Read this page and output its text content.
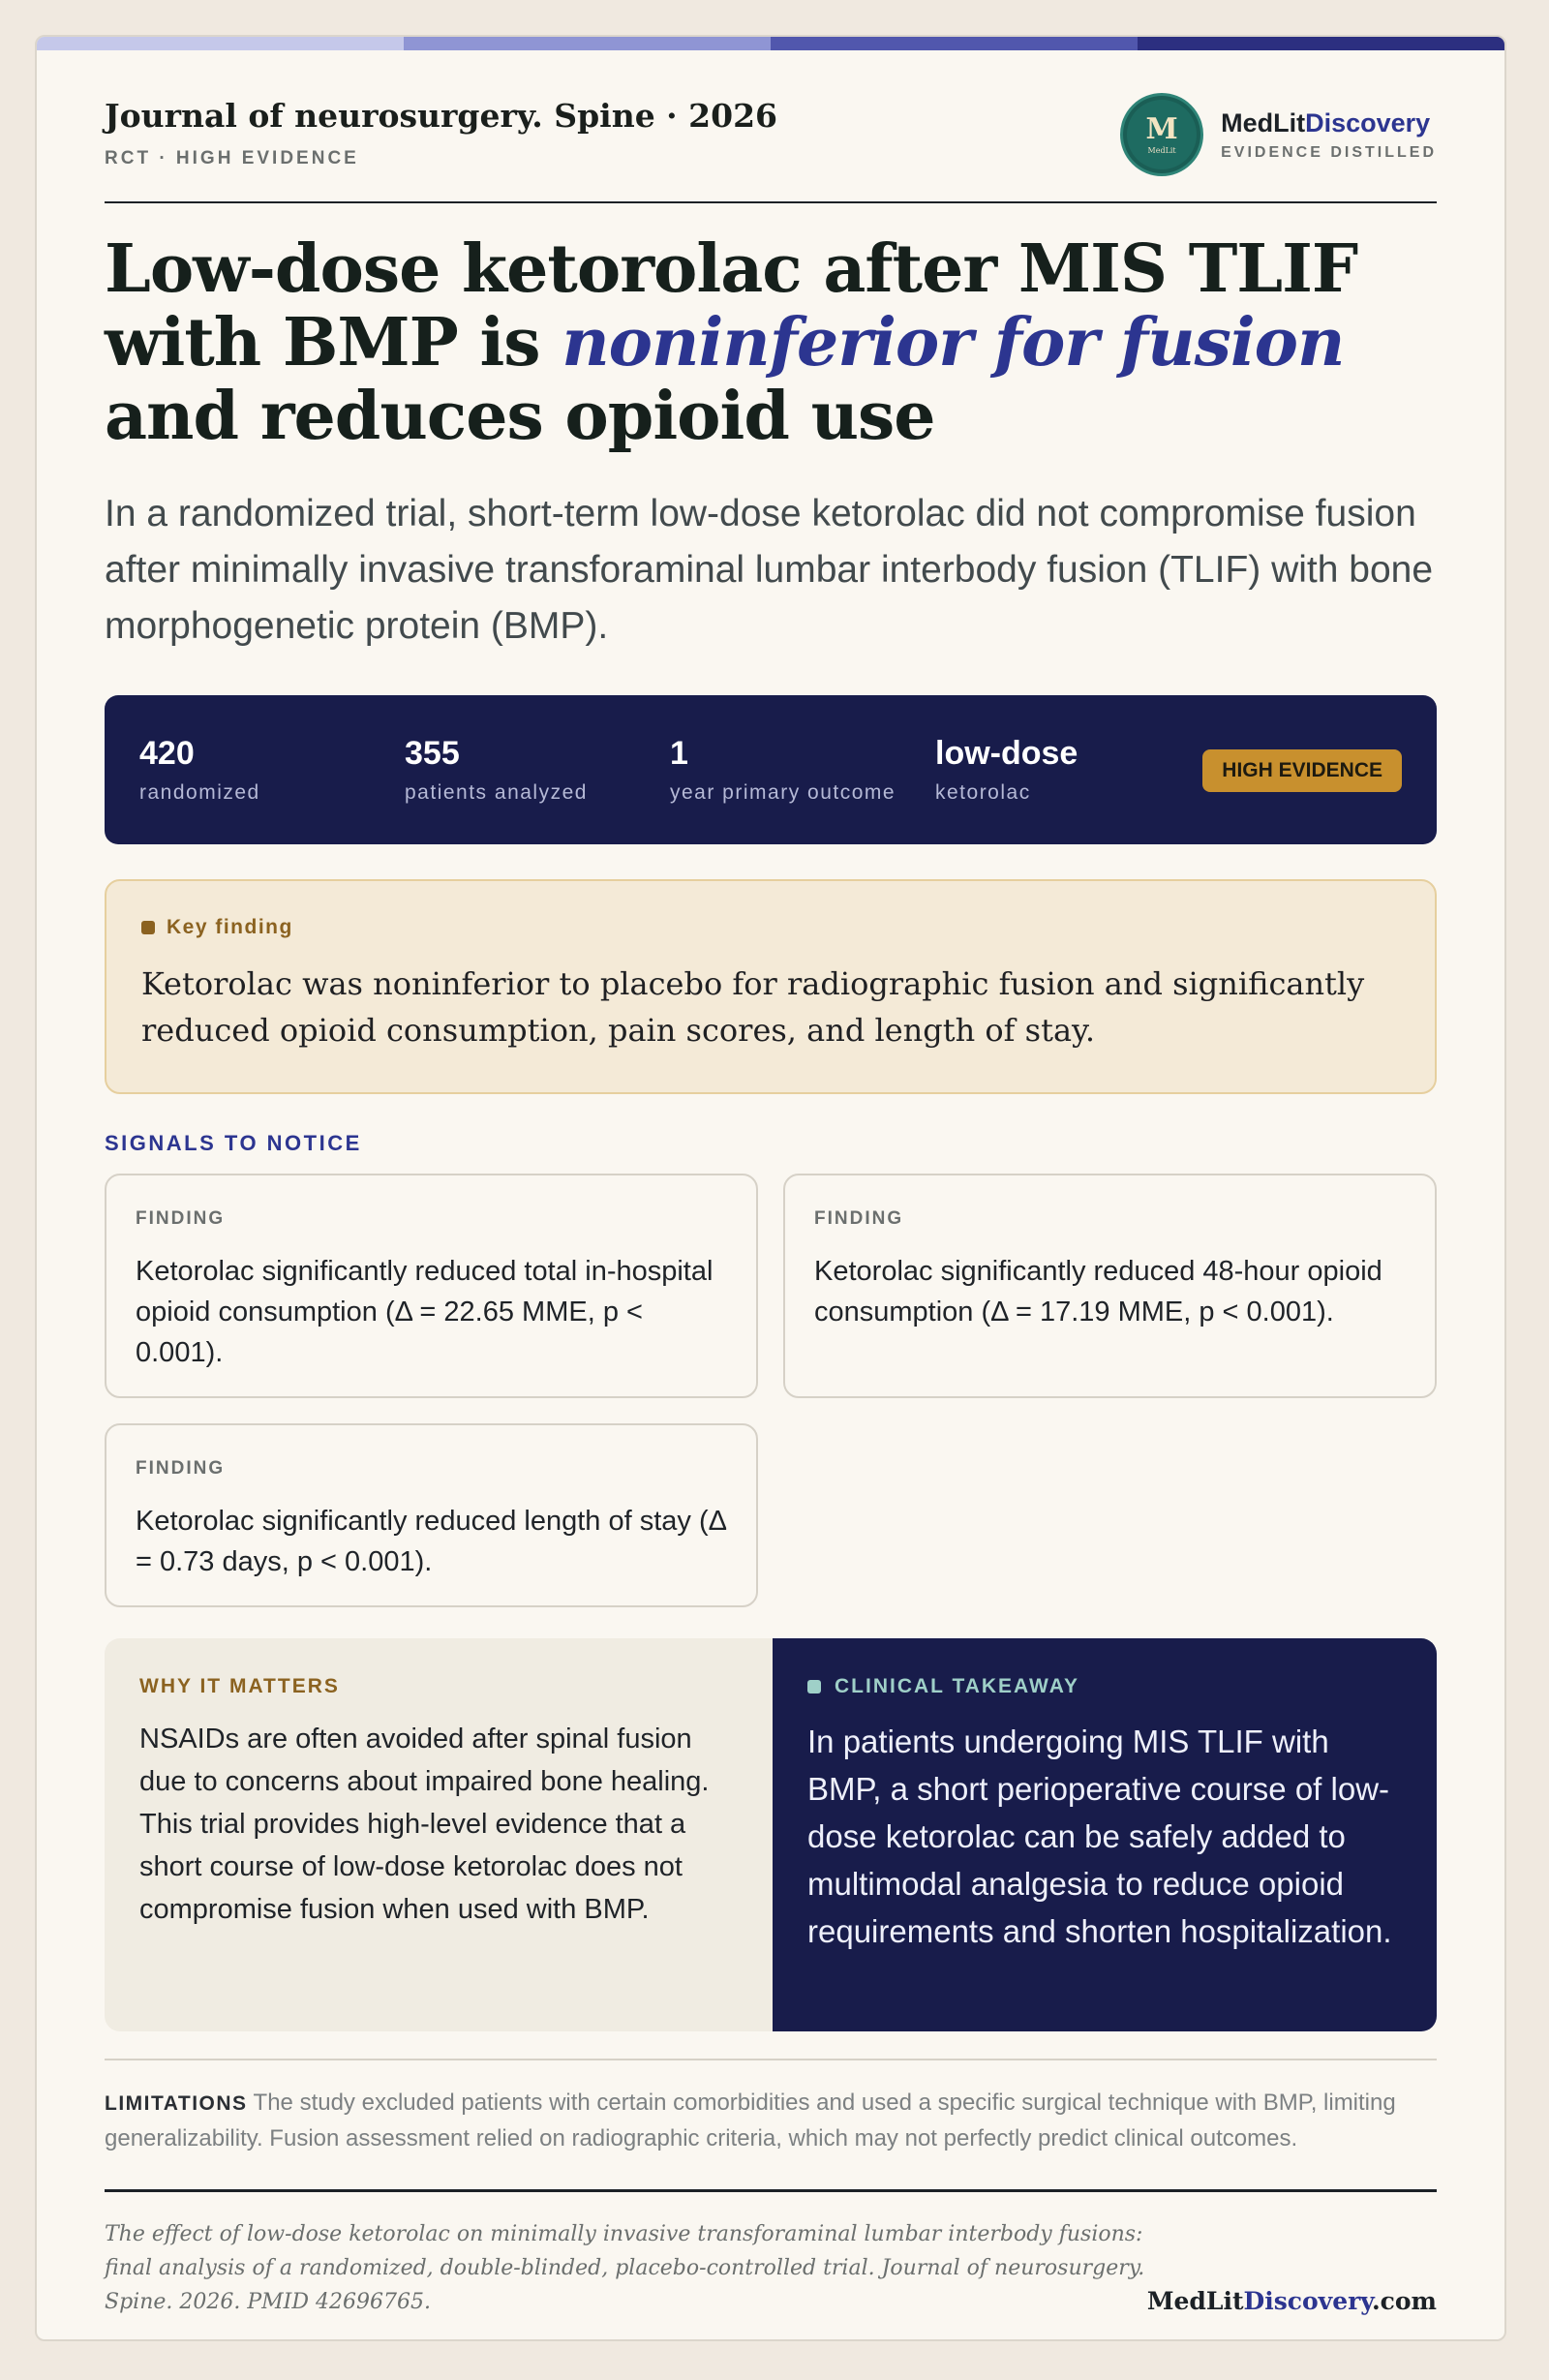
Journal of neurosurgery. Spine · 2026
RCT · HIGH EVIDENCE
M
MedLit
MedLitDiscovery
EVIDENCE DISTILLED
Low-dose ketorolac after MIS TLIF with BMP is noninferior for fusion and reduces opioid use

In a randomized trial, short-term low-dose ketorolac did not compromise fusion after minimally invasive transforaminal lumbar interbody fusion (TLIF) with bone morphogenetic protein (BMP).

420
randomized
355
patients analyzed
1
year primary outcome
low-dose
ketorolac
HIGH EVIDENCE
Key finding

Ketorolac was noninferior to placebo for radiographic fusion and significantly reduced opioid consumption, pain scores, and length of stay.

SIGNALS TO NOTICE
FINDING

Ketorolac significantly reduced total in-hospital opioid consumption (Δ = 22.65 MME, p < 0.001).

FINDING

Ketorolac significantly reduced 48-hour opioid consumption (Δ = 17.19 MME, p < 0.001).

FINDING

Ketorolac significantly reduced length of stay (Δ = 0.73 days, p < 0.001).

WHY IT MATTERS

NSAIDs are often avoided after spinal fusion due to concerns about impaired bone healing. This trial provides high-level evidence that a short course of low-dose ketorolac does not compromise fusion when used with BMP.

CLINICAL TAKEAWAY

In patients undergoing MIS TLIF with BMP, a short perioperative course of low-dose ketorolac can be safely added to multimodal analgesia to reduce opioid requirements and shorten hospitalization.

LIMITATIONS The study excluded patients with certain comorbidities and used a specific surgical technique with BMP, limiting generalizability. Fusion assessment relied on radiographic criteria, which may not perfectly predict clinical outcomes.

The effect of low-dose ketorolac on minimally invasive transforaminal lumbar interbody fusions: final analysis of a randomized, double-blinded, placebo-controlled trial. Journal of neurosurgery. Spine. 2026. PMID 42696765.	MedLitDiscovery.com
